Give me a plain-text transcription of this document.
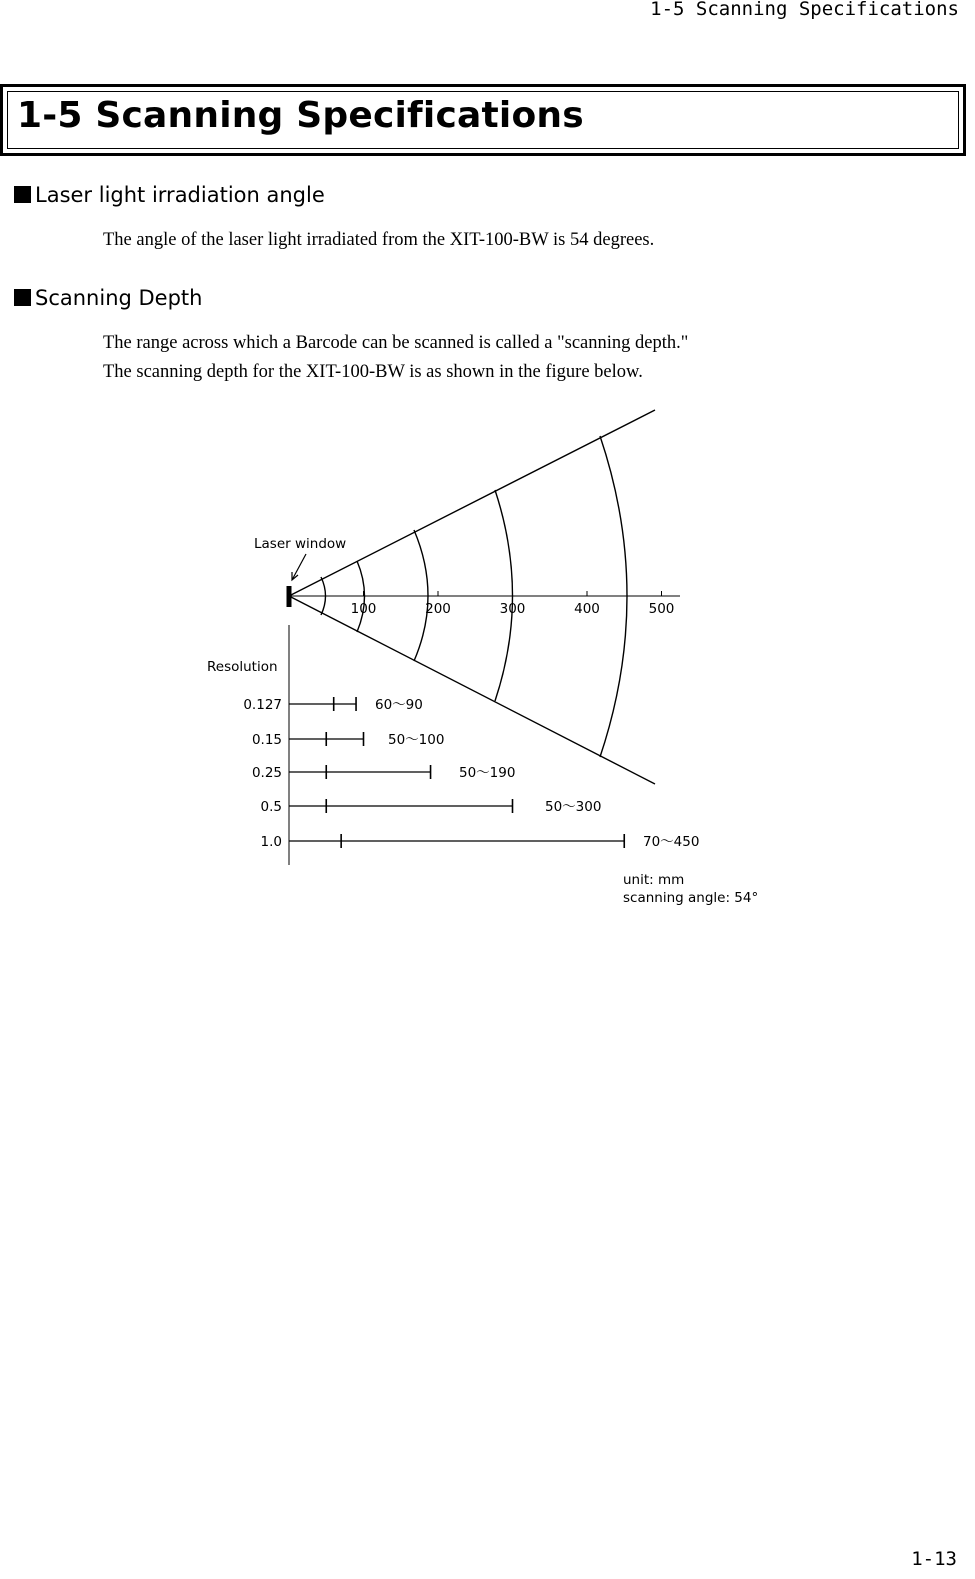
1-5 Scanning Specifications
1-5 Scanning Specifications
Laser light irradiation angle

The angle of the laser light irradiated from the XIT-100-BW is 54 degrees.

Scanning Depth

The range across which a Barcode can be scanned is called a "scanning depth."

The scanning depth for the XIT-100-BW is as shown in the figure below.

Laser window
100	200	300	400	500
Resolution
0.127	60～90
0.15	50～100
0.25	50～190
0.5	50～300
1.0	70～450
unit: mm
scanning angle: 54°
1-13
